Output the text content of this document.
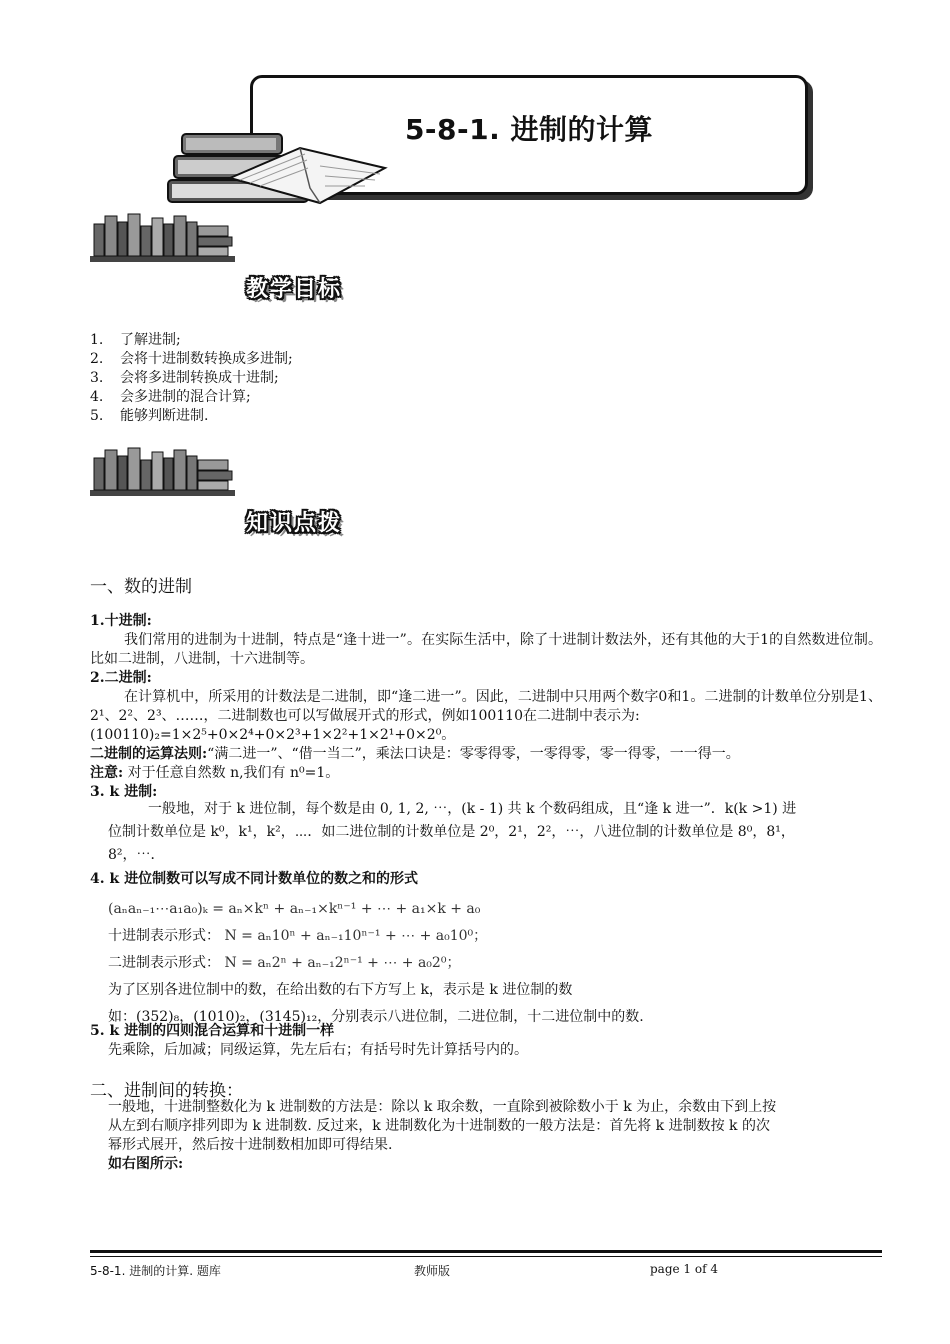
5-8-1. 进制的计算
教学目标
1. 了解进制;
2. 会将十进制数转换成多进制;
3. 会将多进制转换成十进制;
4. 会多进制的混合计算;
5. 能够判断进制.
知识点拨
一、数的进制
1.十进制:
我们常用的进制为十进制，特点是“逢十进一”。在实际生活中，除了十进制计数法外，还有其他的大于1的自然数进位制。比如二进制，八进制，十六进制等。
2.二进制:
在计算机中，所采用的计数法是二进制，即“逢二进一”。因此，二进制中只用两个数字0和1。二进制的计数单位分别是1、2¹、2²、2³、……，二进制数也可以写做展开式的形式，例如100110在二进制中表示为:
(100110)₂=1×2⁵+0×2⁴+0×2³+1×2²+1×2¹+0×2⁰。
二进制的运算法则:“满二进一”、“借一当二”，乘法口诀是：零零得零，一零得零，零一得零，一一得一。
注意: 对于任意自然数 n,我们有 n⁰=1。
3. k 进制:
一般地，对于 k 进位制，每个数是由 0, 1, 2, ⋯，(k - 1) 共 k 个数码组成，且“逢 k 进一”．k(k >1) 进
位制计数单位是 k⁰，k¹，k²，⋯．如二进位制的计数单位是 2⁰，2¹，2²，⋯，八进位制的计数单位是 8⁰，8¹，
8²，⋯．
4. k 进位制数可以写成不同计数单位的数之和的形式
(aₙaₙ₋₁⋯a₁a₀)ₖ = aₙ×kⁿ + aₙ₋₁×kⁿ⁻¹ + ⋯ + a₁×k + a₀
十进制表示形式： N = aₙ10ⁿ + aₙ₋₁10ⁿ⁻¹ + ⋯ + a₀10⁰；
二进制表示形式： N = aₙ2ⁿ + aₙ₋₁2ⁿ⁻¹ + ⋯ + a₀2⁰；
为了区别各进位制中的数，在给出数的右下方写上 k，表示是 k 进位制的数
如：(352)₈，(1010)₂，(3145)₁₂，分别表示八进位制，二进位制，十二进位制中的数.
5. k 进制的四则混合运算和十进制一样
先乘除，后加减；同级运算，先左后右；有括号时先计算括号内的。
二、进制间的转换：
一般地，十进制整数化为 k 进制数的方法是：除以 k 取余数，一直除到被除数小于 k 为止，余数由下到上按
从左到右顺序排列即为 k 进制数. 反过来，k 进制数化为十进制数的一般方法是：首先将 k 进制数按 k 的次
幂形式展开，然后按十进制数相加即可得结果.
如右图所示:
5-8-1. 进制的计算. 题库	教师版	page 1 of 4
